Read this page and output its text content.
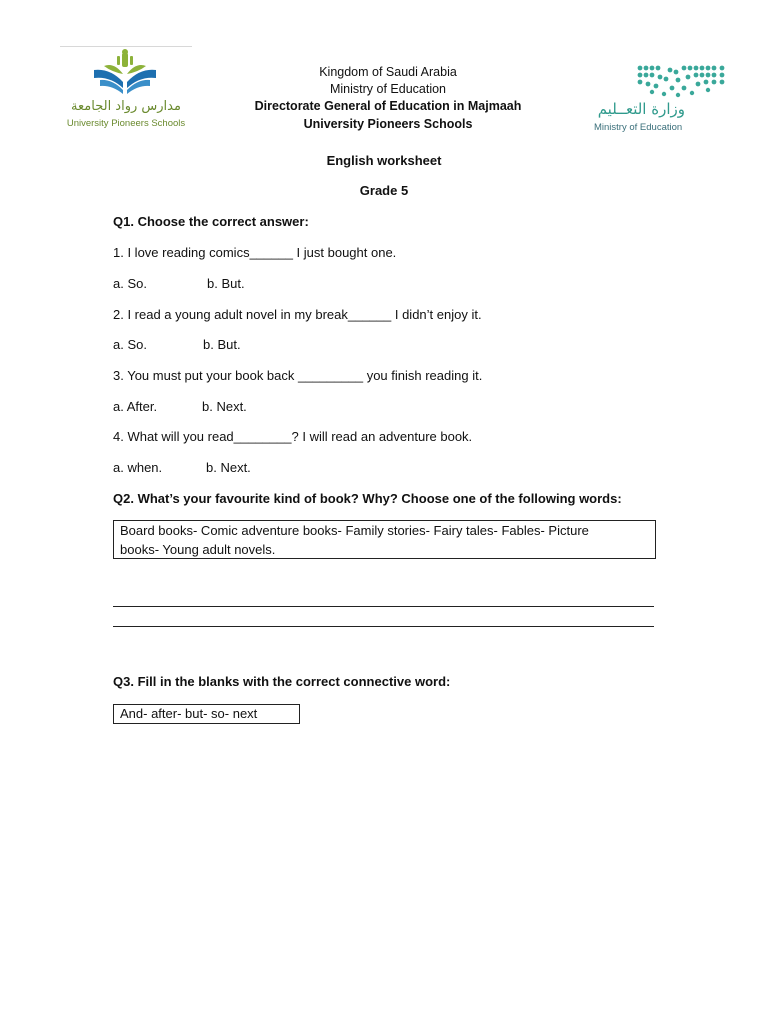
مدارس رواد الجامعة
University Pioneers Schools
وزارة التعــليم
Ministry of Education
Kingdom of Saudi Arabia
Ministry of Education
Directorate General of Education in Majmaah
University Pioneers Schools
English worksheet
Grade 5
Q1. Choose the correct answer:
1. I love reading comics______ I just bought one.
a. So.	b. But.
2. I read a young adult novel in my break______ I didn’t enjoy it.
a. So.	b. But.
3. You must put your book back _________ you finish reading it.
a. After.	b. Next.
4. What will you read________? I will read an adventure book.
a. when.	b. Next.
Q2. What’s your favourite kind of book? Why? Choose one of the following words:
Board books- Comic adventure books- Family stories- Fairy tales- Fables- Picture
books- Young adult novels.
Q3. Fill in the blanks with the correct connective word:
And- after- but- so- next
